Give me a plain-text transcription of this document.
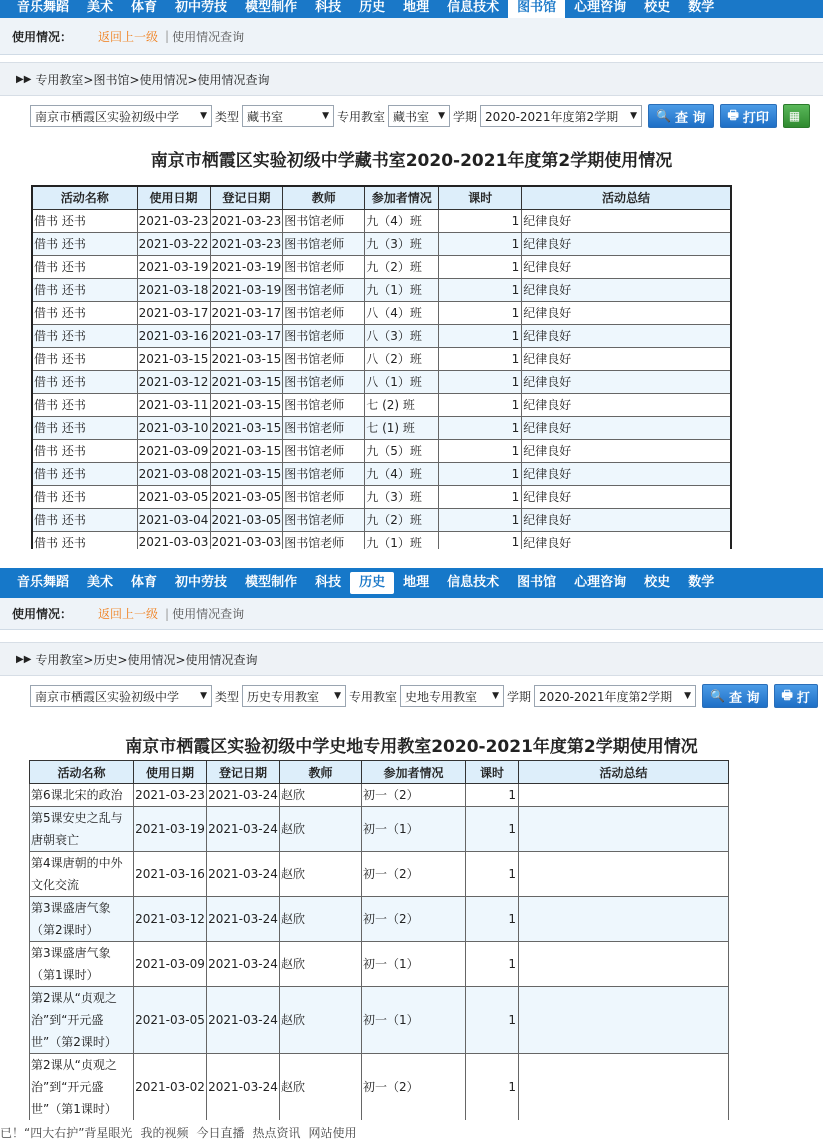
音乐舞蹈	美术	体育	初中劳技	模型制作	科技	历史	地理	信息技术	图书馆	心理咨询	校史	数学
使用情况： 返回上一级 | 使用情况查询
▶▶ 专用教室>图书馆>使用情况>使用情况查询
南京市栖霞区实验初级中学 ▼ 类型 藏书室	▼ 专用教室 藏书室 ▼ 学期 2020-2021年度第2学期 ▼ 🔍 查 询 🖶 打印 ▦
南京市栖霞区实验初级中学藏书室2020-2021年度第2学期使用情况
活动名称	使用日期	登记日期	教师	参加者情况	课时	活动总结
借书 还书	2021-03-23	2021-03-23	图书馆老师	九（4）班	1	纪律良好
借书 还书	2021-03-22	2021-03-23	图书馆老师	九（3）班	1	纪律良好
借书 还书	2021-03-19	2021-03-19	图书馆老师	九（2）班	1	纪律良好
借书 还书	2021-03-18	2021-03-19	图书馆老师	九（1）班	1	纪律良好
借书 还书	2021-03-17	2021-03-17	图书馆老师	八（4）班	1	纪律良好
借书 还书	2021-03-16	2021-03-17	图书馆老师	八（3）班	1	纪律良好
借书 还书	2021-03-15	2021-03-15	图书馆老师	八（2）班	1	纪律良好
借书 还书	2021-03-12	2021-03-15	图书馆老师	八（1）班	1	纪律良好
借书 还书	2021-03-11	2021-03-15	图书馆老师	七 (2) 班	1	纪律良好
借书 还书	2021-03-10	2021-03-15	图书馆老师	七 (1) 班	1	纪律良好
借书 还书	2021-03-09	2021-03-15	图书馆老师	九（5）班	1	纪律良好
借书 还书	2021-03-08	2021-03-15	图书馆老师	九（4）班	1	纪律良好
借书 还书	2021-03-05	2021-03-05	图书馆老师	九（3）班	1	纪律良好
借书 还书	2021-03-04	2021-03-05	图书馆老师	九（2）班	1	纪律良好
借书 还书	2021-03-03	2021-03-03	图书馆老师	九（1）班	1	纪律良好
音乐舞蹈	美术	体育	初中劳技	模型制作	科技	历史	地理	信息技术	图书馆	心理咨询	校史	数学
使用情况： 返回上一级 | 使用情况查询
▶▶ 专用教室>历史>使用情况>使用情况查询
南京市栖霞区实验初级中学 ▼ 类型 历史专用教室 ▼ 专用教室 史地专用教室 ▼ 学期 2020-2021年度第2学期 ▼ 🔍 查 询 🖶 打
南京市栖霞区实验初级中学史地专用教室2020-2021年度第2学期使用情况
活动名称	使用日期	登记日期	教师	参加者情况	课时	活动总结
第6课北宋的政治	2021-03-23	2021-03-24	赵欣	初一（2）	1	
第5课安史之乱与唐朝衰亡	2021-03-19	2021-03-24	赵欣	初一（1）	1	
第4课唐朝的中外文化交流	2021-03-16	2021-03-24	赵欣	初一（2）	1	
第3课盛唐气象（第2课时）	2021-03-12	2021-03-24	赵欣	初一（2）	1	
第3课盛唐气象（第1课时）	2021-03-09	2021-03-24	赵欣	初一（1）	1	
第2课从“贞观之治”到“开元盛世”（第2课时）	2021-03-05	2021-03-24	赵欣	初一（1）	1	
第2课从“贞观之治”到“开元盛世”（第1课时）	2021-03-02	2021-03-24	赵欣	初一（2）	1	
已！“四大右护”背星眼光 我的视频 今日直播 热点资讯 网站使用
